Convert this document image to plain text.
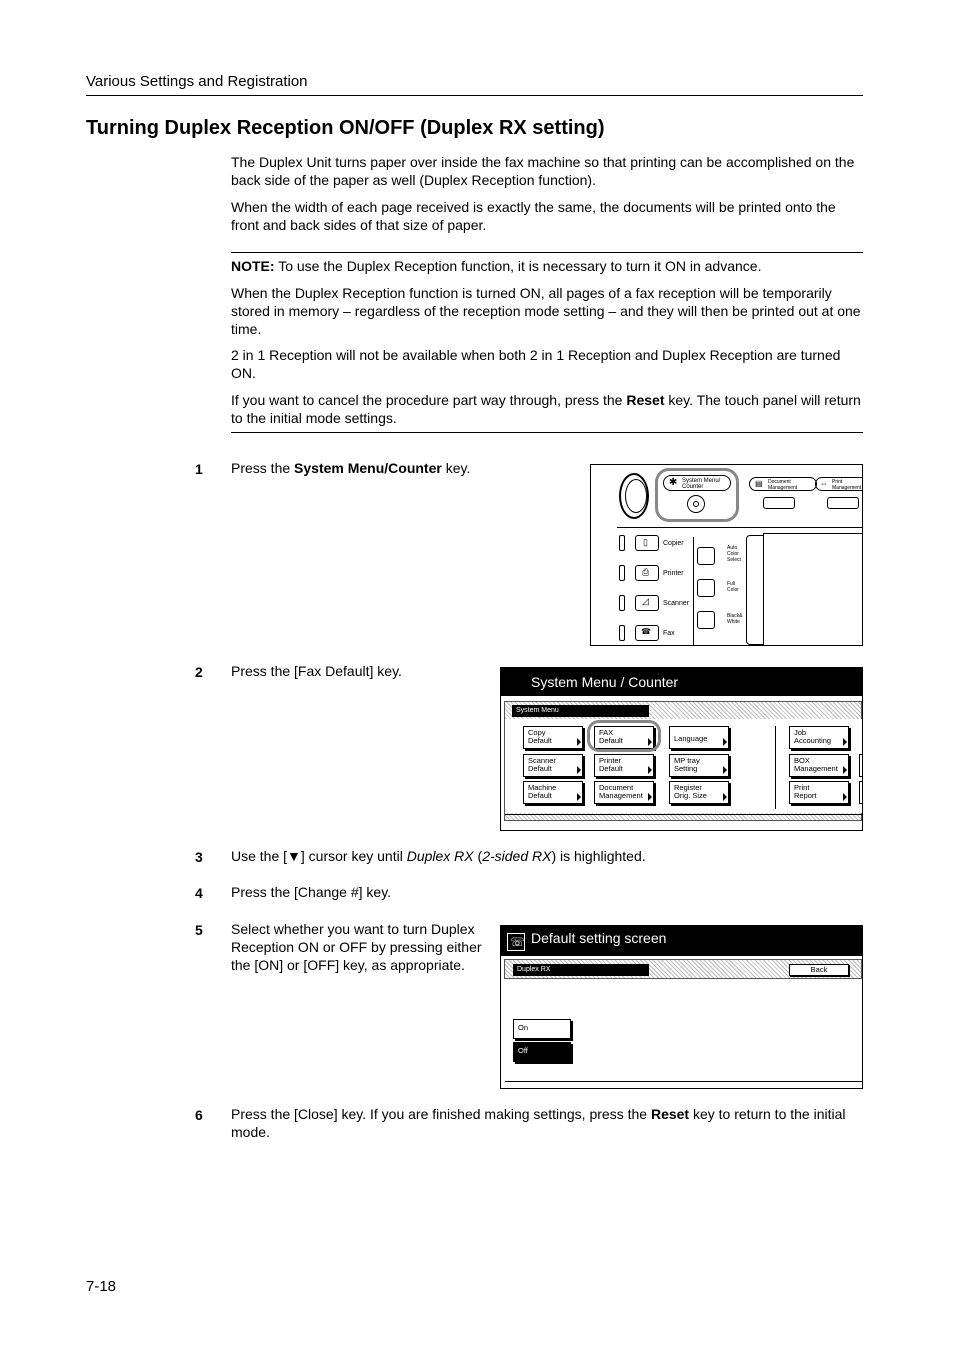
Various Settings and Registration
Turning Duplex Reception ON/OFF (Duplex RX setting)
The Duplex Unit turns paper over inside the fax machine so that printing can be accomplished on the back side of the paper as well (Duplex Reception function).
When the width of each page received is exactly the same, the documents will be printed onto the front and back sides of that size of paper.
NOTE: To use the Duplex Reception function, it is necessary to turn it ON in advance.
When the Duplex Reception function is turned ON, all pages of a fax reception will be temporarily stored in memory – regardless of the reception mode setting – and they will then be printed out at one time.
2 in 1 Reception will not be available when both 2 in 1 Reception and Duplex Reception are turned ON.
If you want to cancel the procedure part way through, press the Reset key. The touch panel will return to the initial mode settings.
1 Press the System Menu/Counter key.
✱ System Menu/
Counter	▤ Document
Management	⇔ Print
Management
▯
⎙
◿
☎
Copier
Printer
Scanner
Fax
Auto
Color
Select
Full
Color
Black&
White
2 Press the [Fax Default] key.
System Menu / Counter
System Menu
Copy
Default
FAX
Default	Language
Job
Accounting
Scanner
Default
Printer
Default
MP tray
Setting
BOX
Management
Machine
Default
Document
Management
Register
Orig. Size
Print
Report
3 Use the [▼] cursor key until Duplex RX (2-sided RX) is highlighted.
4 Press the [Change #] key.
5 Select whether you want to turn Duplex Reception ON or OFF by pressing either the [ON] or [OFF] key, as appropriate.
Default setting screen
☏
Duplex RX	Back
On
Off
6 Press the [Close] key. If you are finished making settings, press the Reset key to return to the initial mode.
7-18
